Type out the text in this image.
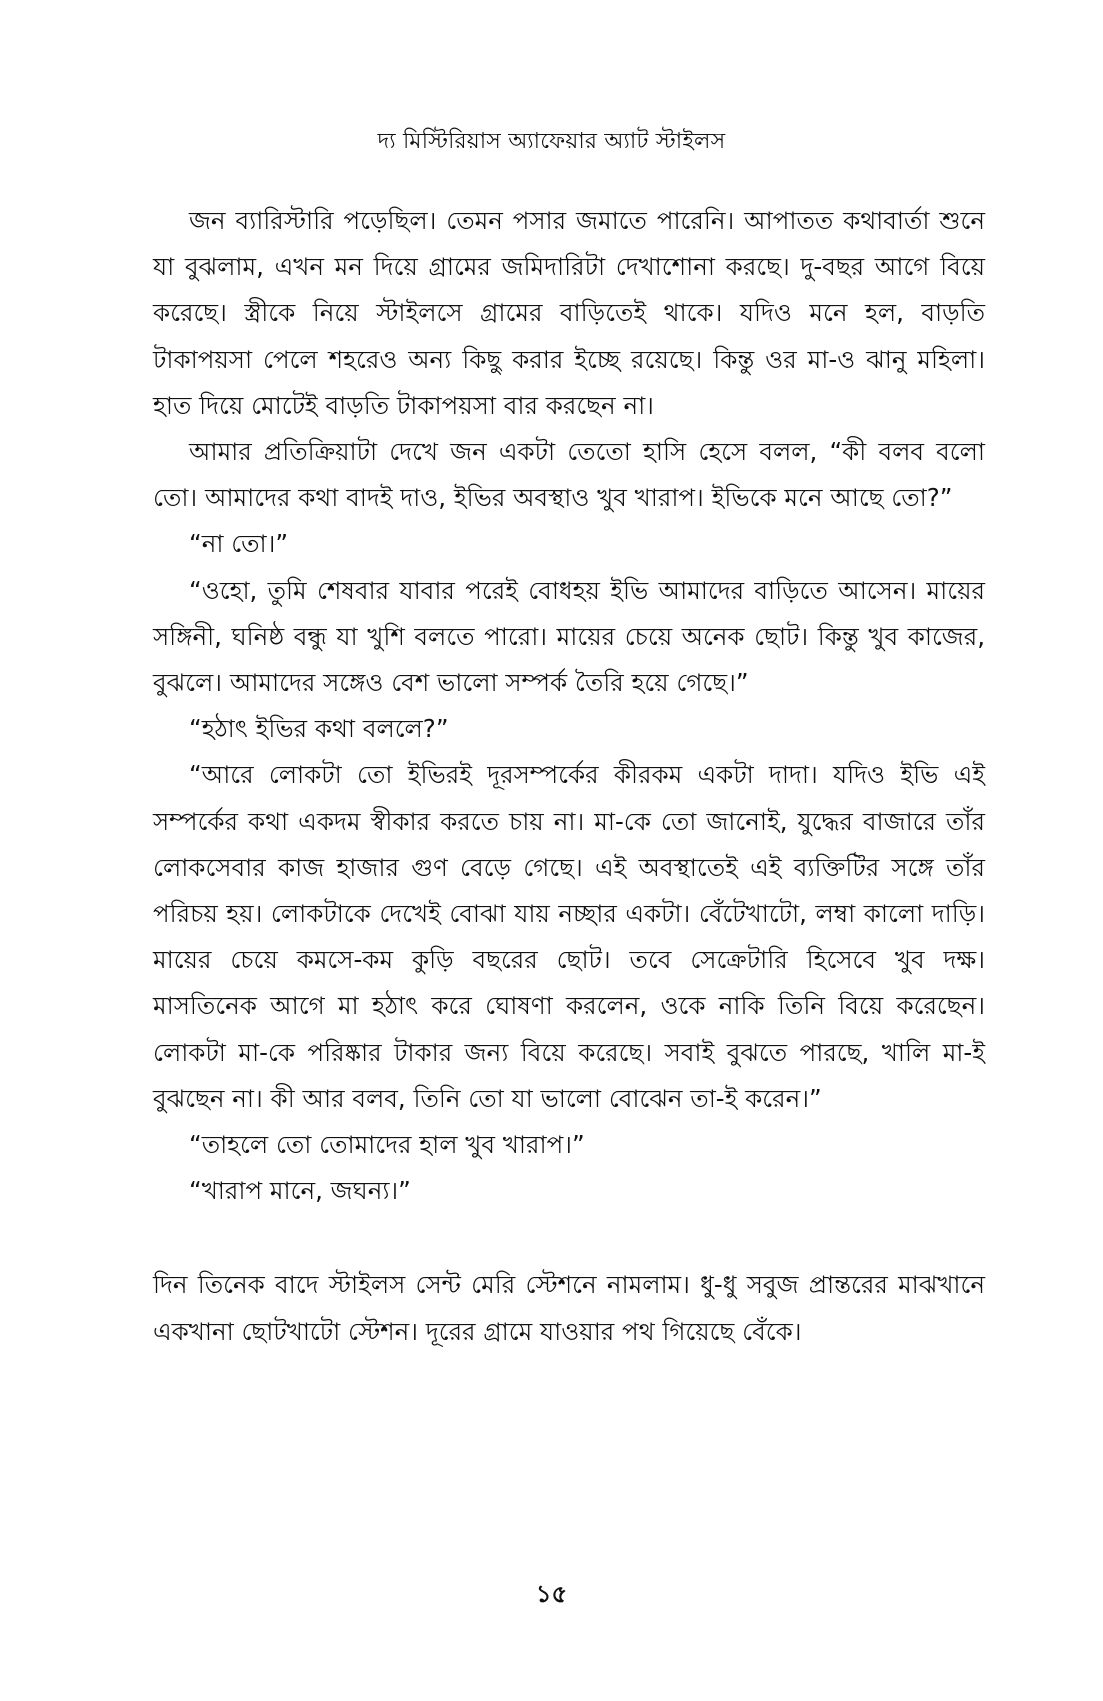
দ্য মিস্টিরিয়াস অ্যাফেয়ার অ্যাট স্টাইলস

জন ব্যারিস্টারি পড়েছিল। তেমন পসার জমাতে পারেনি। আপাতত কথাবার্তা শুনে যা বুঝলাম, এখন মন দিয়ে গ্রামের জমিদারিটা দেখাশোনা করছে। দু-বছর আগে বিয়ে করেছে। স্ত্রীকে নিয়ে স্টাইলসে গ্রামের বাড়িতেই থাকে। যদিও মনে হল, বাড়তি টাকাপয়সা পেলে শহরেও অন্য কিছু করার ইচ্ছে রয়েছে। কিন্তু ওর মা-ও ঝানু মহিলা। হাত দিয়ে মোটেই বাড়তি টাকাপয়সা বার করছেন না।

আমার প্রতিক্রিয়াটা দেখে জন একটা তেতো হাসি হেসে বলল, “কী বলব বলো তো। আমাদের কথা বাদই দাও, ইভির অবস্থাও খুব খারাপ। ইভিকে মনে আছে তো?”

“না তো।”

“ওহো, তুমি শেষবার যাবার পরেই বোধহয় ইভি আমাদের বাড়িতে আসেন। মায়ের সঙ্গিনী, ঘনিষ্ঠ বন্ধু যা খুশি বলতে পারো। মায়ের চেয়ে অনেক ছোট। কিন্তু খুব কাজের, বুঝলে। আমাদের সঙ্গেও বেশ ভালো সম্পর্ক তৈরি হয়ে গেছে।”

“হঠাৎ ইভির কথা বললে?”

“আরে লোকটা তো ইভিরই দূরসম্পর্কের কীরকম একটা দাদা। যদিও ইভি এই সম্পর্কের কথা একদম স্বীকার করতে চায় না। মা-কে তো জানোই, যুদ্ধের বাজারে তাঁর লোকসেবার কাজ হাজার গুণ বেড়ে গেছে। এই অবস্থাতেই এই ব্যক্তিটির সঙ্গে তাঁর পরিচয় হয়। লোকটাকে দেখেই বোঝা যায় নচ্ছার একটা। বেঁটেখাটো, লম্বা কালো দাড়ি। মায়ের চেয়ে কমসে-কম কুড়ি বছরের ছোট। তবে সেক্রেটারি হিসেবে খুব দক্ষ। মাসতিনেক আগে মা হঠাৎ করে ঘোষণা করলেন, ওকে নাকি তিনি বিয়ে করেছেন। লোকটা মা-কে পরিষ্কার টাকার জন্য বিয়ে করেছে। সবাই বুঝতে পারছে, খালি মা-ই বুঝছেন না। কী আর বলব, তিনি তো যা ভালো বোঝেন তা-ই করেন।”

“তাহলে তো তোমাদের হাল খুব খারাপ।”

“খারাপ মানে, জঘন্য।”

দিন তিনেক বাদে স্টাইলস সেন্ট মেরি স্টেশনে নামলাম। ধু-ধু সবুজ প্রান্তরের মাঝখানে একখানা ছোটখাটো স্টেশন। দূরের গ্রামে যাওয়ার পথ গিয়েছে বেঁকে।

১৫
